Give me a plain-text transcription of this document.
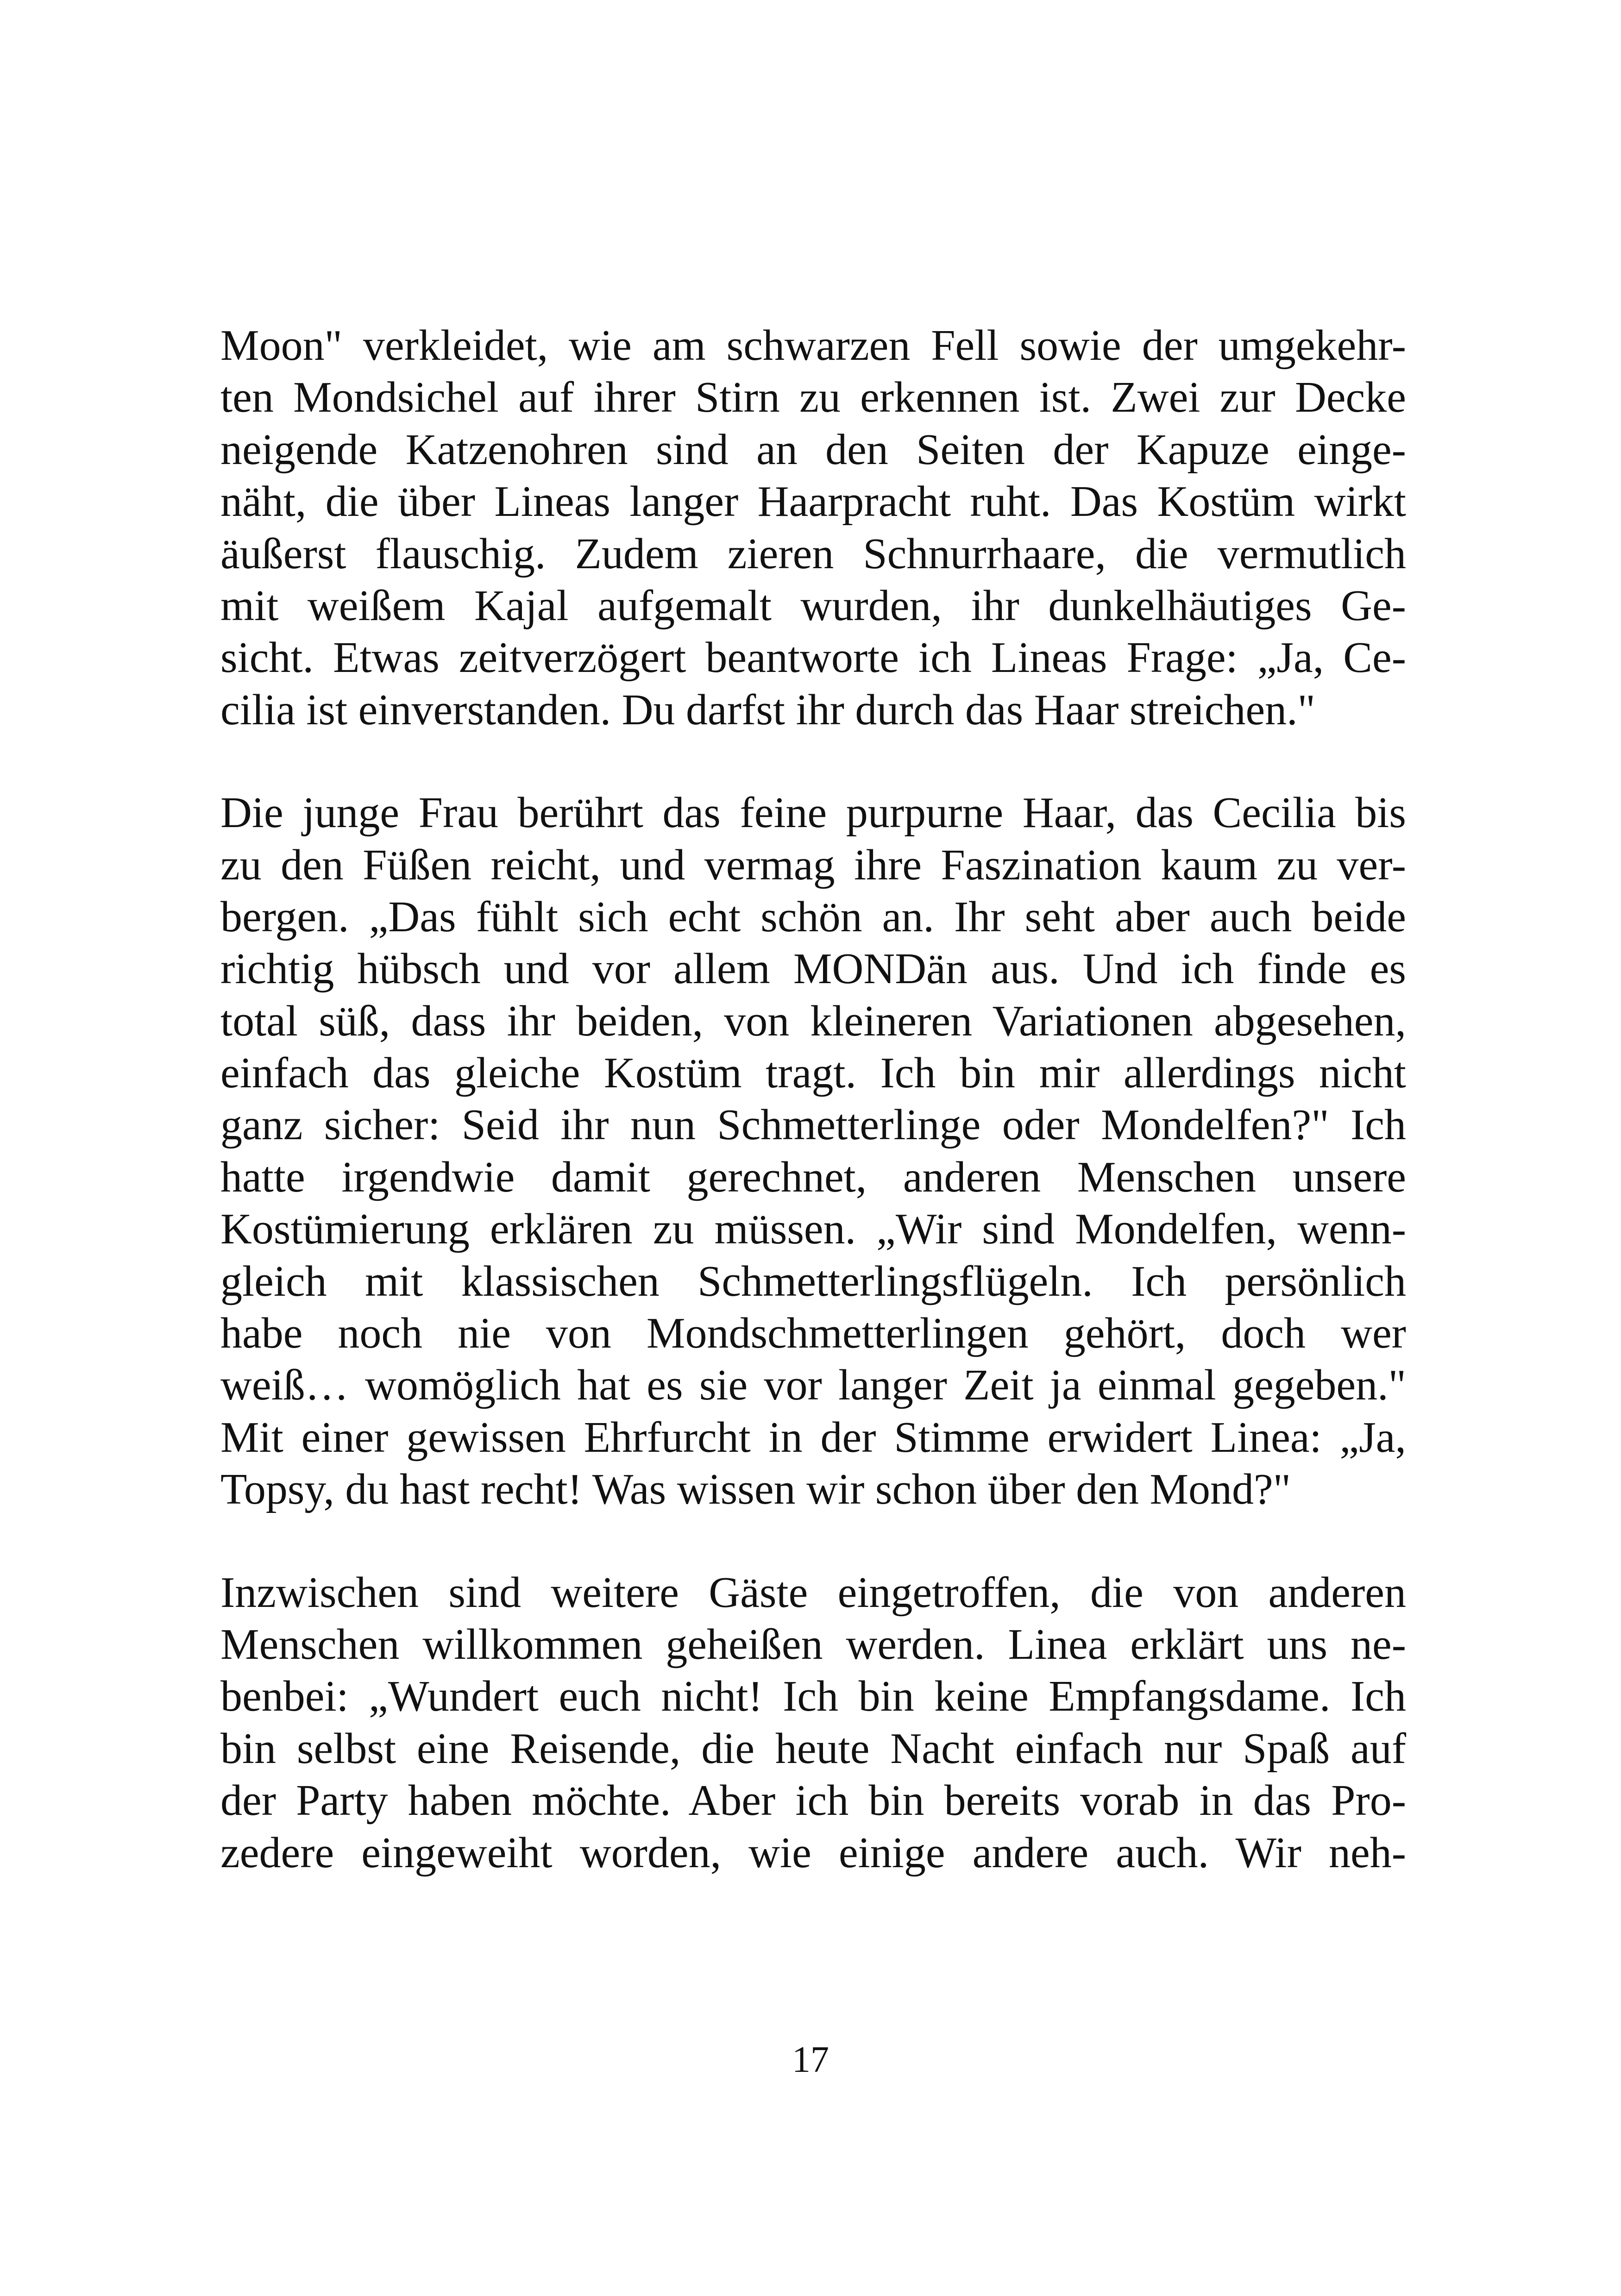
Moon" verkleidet, wie am schwarzen Fell sowie der umgekehr-
ten Mondsichel auf ihrer Stirn zu erkennen ist. Zwei zur Decke
neigende Katzenohren sind an den Seiten der Kapuze einge-
näht, die über Lineas langer Haarpracht ruht. Das Kostüm wirkt
äußerst flauschig. Zudem zieren Schnurrhaare, die vermutlich
mit weißem Kajal aufgemalt wurden, ihr dunkelhäutiges Ge-
sicht. Etwas zeitverzögert beantworte ich Lineas Frage: „Ja, Ce-
cilia ist einverstanden. Du darfst ihr durch das Haar streichen."
Die junge Frau berührt das feine purpurne Haar, das Cecilia bis
zu den Füßen reicht, und vermag ihre Faszination kaum zu ver-
bergen. „Das fühlt sich echt schön an. Ihr seht aber auch beide
richtig hübsch und vor allem MONDän aus. Und ich finde es
total süß, dass ihr beiden, von kleineren Variationen abgesehen,
einfach das gleiche Kostüm tragt. Ich bin mir allerdings nicht
ganz sicher: Seid ihr nun Schmetterlinge oder Mondelfen?" Ich
hatte irgendwie damit gerechnet, anderen Menschen unsere
Kostümierung erklären zu müssen. „Wir sind Mondelfen, wenn-
gleich mit klassischen Schmetterlingsflügeln. Ich persönlich
habe noch nie von Mondschmetterlingen gehört, doch wer
weiß… womöglich hat es sie vor langer Zeit ja einmal gegeben."
Mit einer gewissen Ehrfurcht in der Stimme erwidert Linea: „Ja,
Topsy, du hast recht! Was wissen wir schon über den Mond?"
Inzwischen sind weitere Gäste eingetroffen, die von anderen
Menschen willkommen geheißen werden. Linea erklärt uns ne-
benbei: „Wundert euch nicht! Ich bin keine Empfangsdame. Ich
bin selbst eine Reisende, die heute Nacht einfach nur Spaß auf
der Party haben möchte. Aber ich bin bereits vorab in das Pro-
zedere eingeweiht worden, wie einige andere auch. Wir neh-
17
